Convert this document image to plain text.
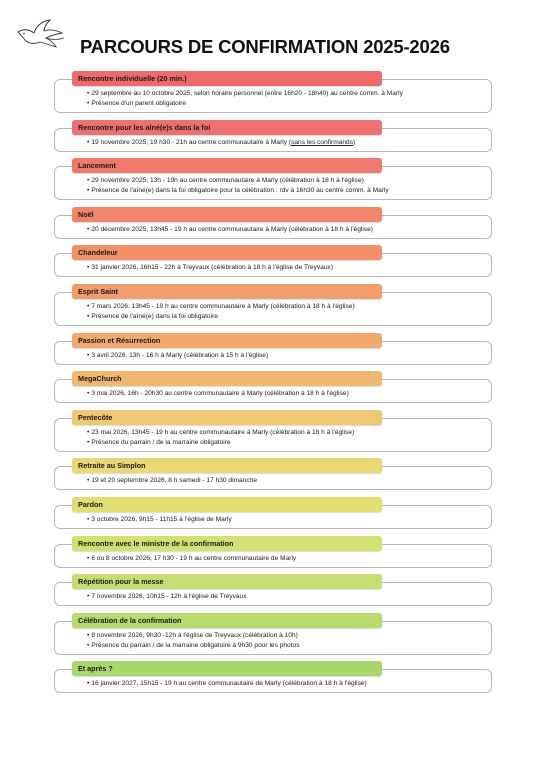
PARCOURS DE CONFIRMATION 2025-2026
Rencontre individuelle (20 min.)
• 29 septembre au 10 octobre 2025, selon horaire personnel (entre 16h20 - 18h40) au centre comm. à Marly
• Présence d'un parent obligatoire
Rencontre pour les aîné(e)s dans la foi
• 19 novembre 2025, 19 h30 - 21h au centre communautaire à Marly (sans les confirmands)
Lancement
• 29 novembre 2025, 13h - 19h au centre communautaire à Marly (célébration à 18 h à l'église)
• Présence de l'aîné(e) dans la foi obligatoire pour la célébration : rdv à 16h30 au centre comm. à Marly
Noël
• 20 décembre 2025, 13h45 - 19 h au centre communautaire à Marly (célébration à 18 h à l'église)
Chandeleur
• 31 janvier 2026, 16h15 - 22h à Treyvaux (célébration à 18 h à l'église de Treyvaux)
Esprit Saint
• 7 mars 2026, 13h45 - 19 h au centre communautaire à Marly (célébration à 18 h à l'église)
• Présence de l'aîné(e) dans la foi obligatoire
Passion et Résurrection
• 3 avril 2026, 13h - 16 h à Marly (célébration à 15 h à l'église)
MegaChurch
• 3 mai 2026, 16h - 20h30 au centre communautaire à Marly (célébration à 18 h à l'église)
Pentecôte
• 23 mai 2026, 13h45 - 19 h au centre communautaire à Marly (célébration à 18 h à l'église)
• Présence du parrain / de la marraine obligatoire
Retraite au Simplon
• 19 et 20 septembre 2026, 8 h samedi - 17 h30 dimanche
Pardon
• 3 octobre 2026, 9h15 - 11h15 à l'église de Marly
Rencontre avec le ministre de la confirmation
• 6 ou 8 octobre 2026, 17 h30 - 19 h au centre communautaire de Marly
Répétition pour la messe
• 7 novembre 2026, 10h15 - 12h à l'église de Treyvaux
Célébration de la confirmation
• 8 novembre 2026, 9h30 -12h à l'église de Treyvaux (célébration à 10h)
• Présence du parrain / de la marraine obligatoire à 9h30 pour les photos
Et après ?
• 16 janvier 2027, 15h15 - 19 h au centre communautaire de Marly (célébration à 18 h à l'église)
